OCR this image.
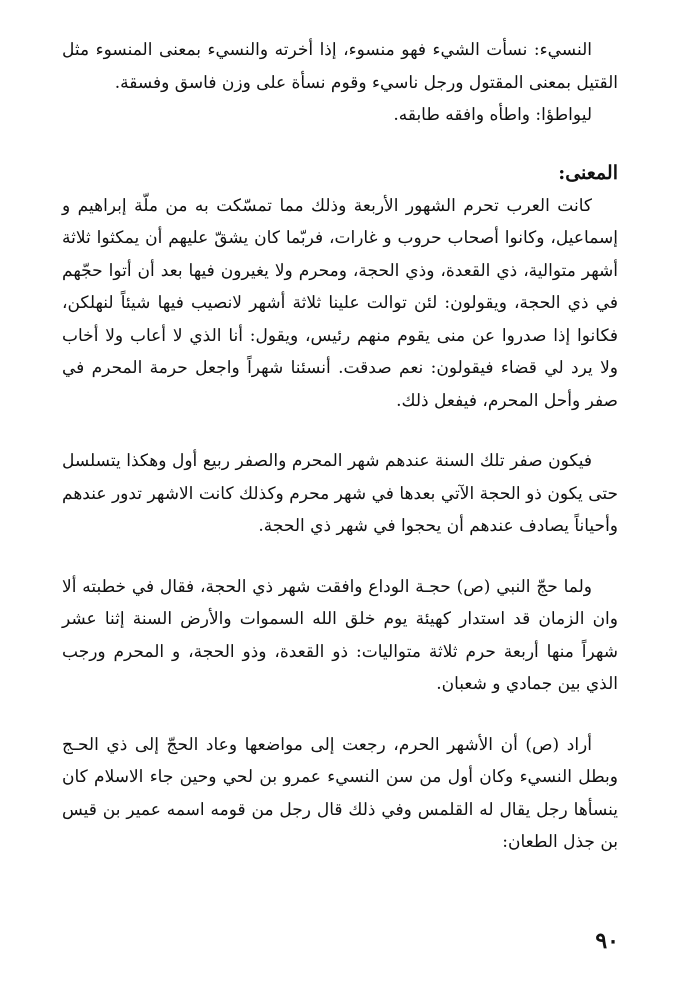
النسيء: نسأت الشيء فهو منسوء، إذا أخرته والنسيء بمعنى المنسوء مثل القتيل بمعنى المقتول ورجل ناسيء وقوم نسأة على وزن فاسق وفسقة.

ليواطؤا: واطأه وافقه طابقه.

المعنى:

كانت العرب تحرم الشهور الأربعة وذلك مما تمسّكت به من ملّة إبراهيم و إسماعيل، وكانوا أصحاب حروب و غارات، فربّما كان يشقّ عليهم أن يمكثوا ثلاثة أشهر متوالية، ذي القعدة، وذي الحجة، ومحرم ولا يغيرون فيها بعد أن أتوا حجّهم في ذي الحجة، ويقولون: لئن توالت علينا ثلاثة أشهر لانصيب فيها شيئاً لنهلكن، فكانوا إذا صدروا عن منى يقوم منهم رئيس، ويقول: أنا الذي لا أعاب ولا أخاب ولا يرد لي قضاء فيقولون: نعم صدقت. أنسئنا شهراً واجعل حرمة المحرم في صفر وأحل المحرم، فيفعل ذلك.

فيكون صفر تلك السنة عندهم شهر المحرم والصفر ربيع أول وهكذا يتسلسل حتى يكون ذو الحجة الآتي بعدها في شهر محرم وكذلك كانت الاشهر تدور عندهم وأحياناً يصادف عندهم أن يحجوا في شهر ذي الحجة.

ولما حجّ النبي (ص) حجـة الوداع وافقت شهر ذي الحجة، فقال في خطبته ألا وان الزمان قد استدار كهيئة يوم خلق الله السموات والأرض السنة إثنا عشر شهراً منها أربعة حرم ثلاثة متواليات: ذو القعدة، وذو الحجة، و المحرم ورجب الذي بين جمادي و شعبان.

أراد (ص) أن الأشهر الحرم، رجعت إلى مواضعها وعاد الحجّ إلى ذي الحـج وبطل النسيء وكان أول من سن النسيء عمرو بن لحي وحين جاء الاسلام كان ينسأها رجل يقال له القلمس وفي ذلك قال رجل من قومه اسمه عمير بن قيس بن جذل الطعان:

٩٠
